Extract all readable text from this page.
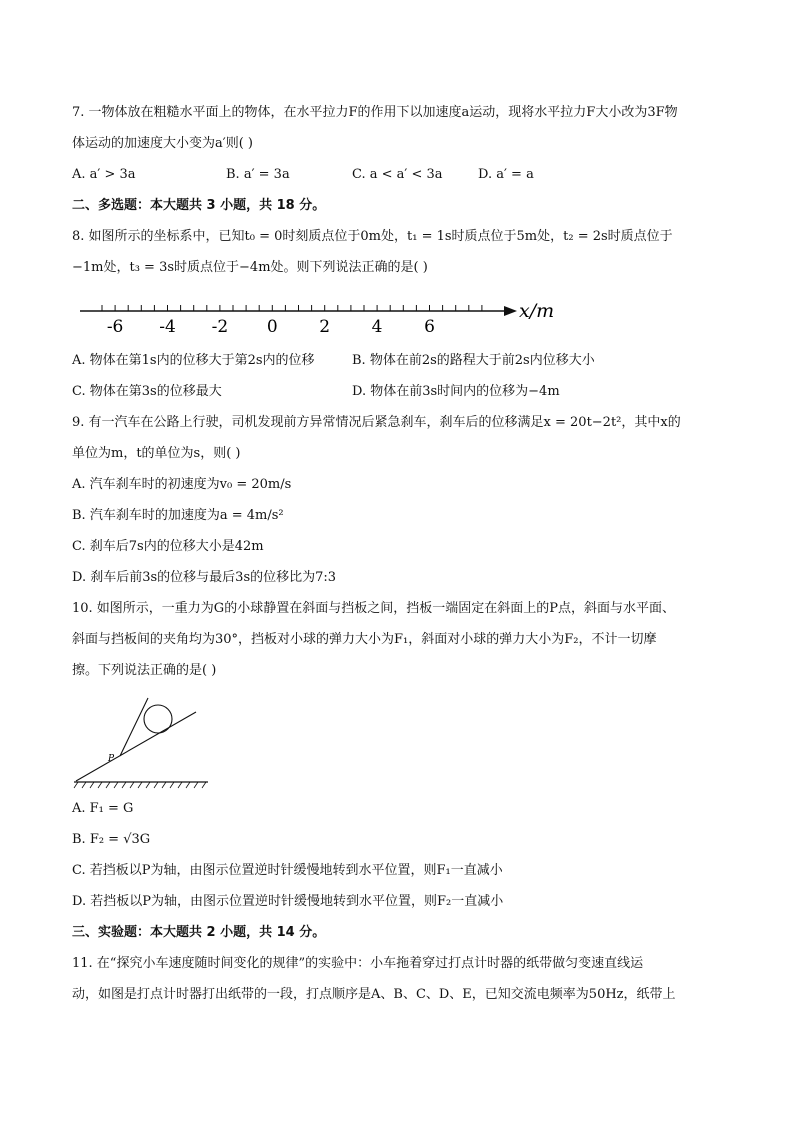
7. 一物体放在粗糙水平面上的物体，在水平拉力F的作用下以加速度a运动，现将水平拉力F大小改为3F物
体运动的加速度大小变为a′则( )
A. a′ > 3a	B. a′ = 3a	C. a < a′ < 3a	D. a′ = a
二、多选题：本大题共 3 小题，共 18 分。
8. 如图所示的坐标系中，已知t₀ = 0时刻质点位于0m处，t₁ = 1s时质点位于5m处，t₂ = 2s时质点位于
−1m处，t₃ = 3s时质点位于−4m处。则下列说法正确的是( )
-6 -4 -2 0 2 4 6
x/m
A. 物体在第1s内的位移大于第2s内的位移	B. 物体在前2s的路程大于前2s内位移大小
C. 物体在第3s的位移最大	D. 物体在前3s时间内的位移为−4m
9. 有一汽车在公路上行驶，司机发现前方异常情况后紧急刹车，刹车后的位移满足x = 20t−2t²，其中x的
单位为m，t的单位为s，则( )
A. 汽车刹车时的初速度为v₀ = 20m/s
B. 汽车刹车时的加速度为a = 4m/s²
C. 刹车后7s内的位移大小是42m
D. 刹车后前3s的位移与最后3s的位移比为7:3
10. 如图所示，一重力为G的小球静置在斜面与挡板之间，挡板一端固定在斜面上的P点，斜面与水平面、
斜面与挡板间的夹角均为30°，挡板对小球的弹力大小为F₁，斜面对小球的弹力大小为F₂，不计一切摩
擦。下列说法正确的是( )
P
A. F₁ = G
B. F₂ = √3G
C. 若挡板以P为轴，由图示位置逆时针缓慢地转到水平位置，则F₁一直减小
D. 若挡板以P为轴，由图示位置逆时针缓慢地转到水平位置，则F₂一直减小
三、实验题：本大题共 2 小题，共 14 分。
11. 在“探究小车速度随时间变化的规律”的实验中：小车拖着穿过打点计时器的纸带做匀变速直线运
动，如图是打点计时器打出纸带的一段，打点顺序是A、B、C、D、E，已知交流电频率为50Hz，纸带上
